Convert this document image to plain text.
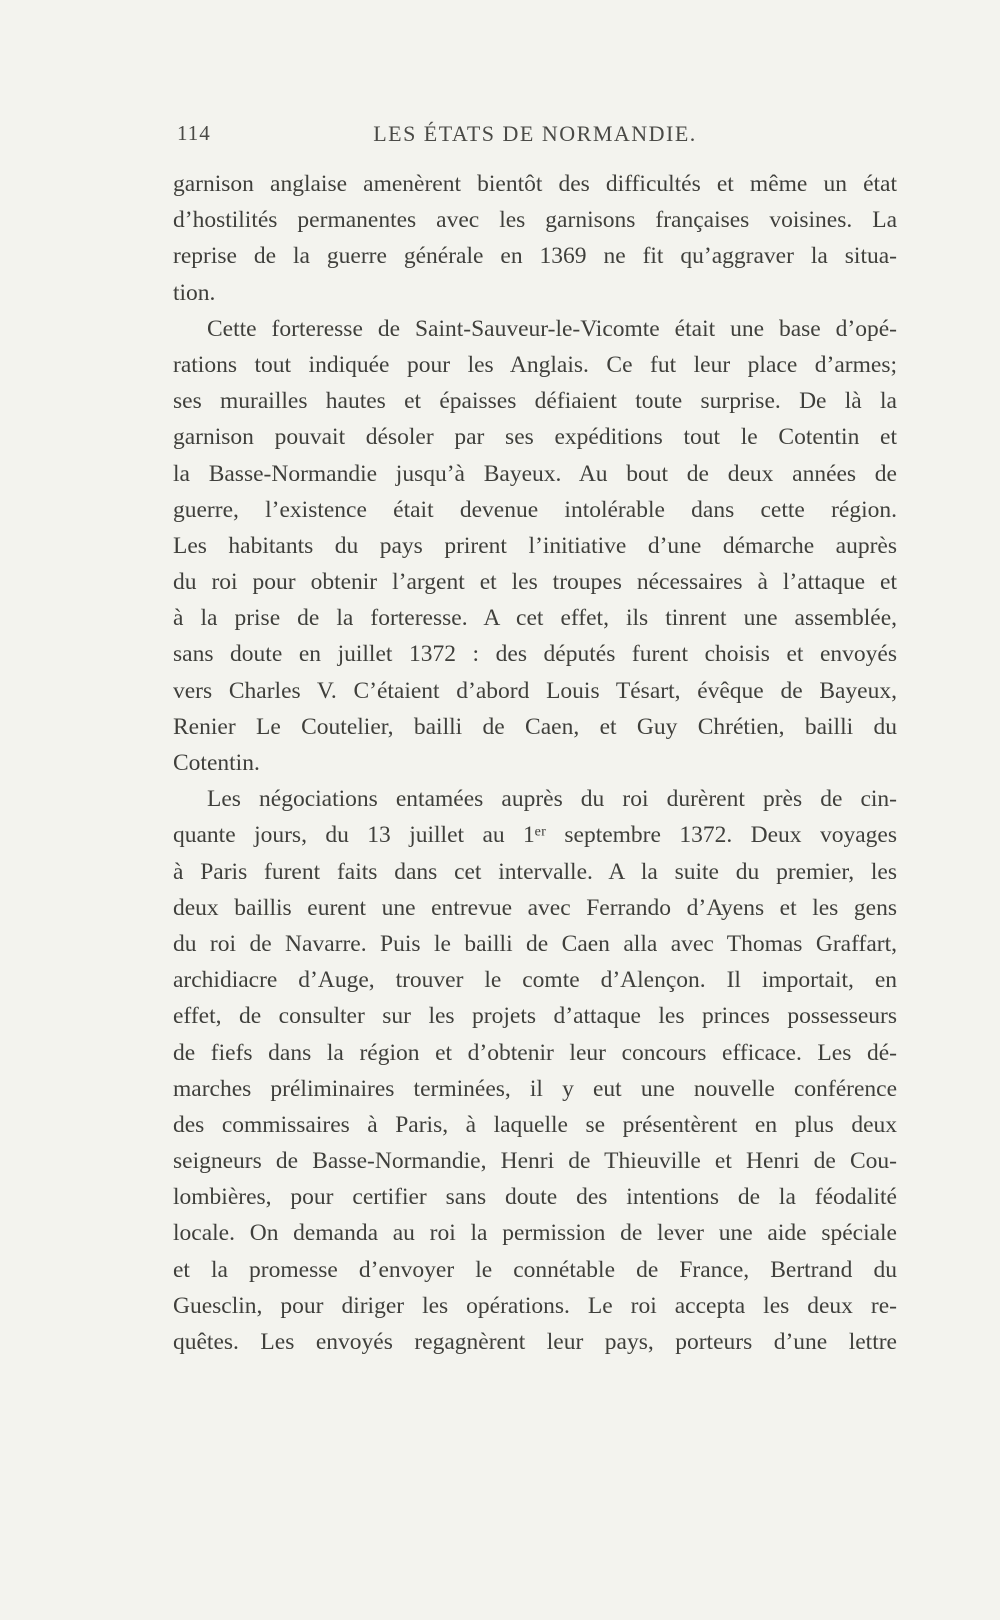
114	LES ÉTATS DE NORMANDIE.
garnison anglaise amenèrent bientôt des difficultés et même un état
d’hostilités permanentes avec les garnisons françaises voisines. La
reprise de la guerre générale en 1369 ne fit qu’aggraver la situa-
tion.
Cette forteresse de Saint-Sauveur-le-Vicomte était une base d’opé-
rations tout indiquée pour les Anglais. Ce fut leur place d’armes;
ses murailles hautes et épaisses défiaient toute surprise. De là la
garnison pouvait désoler par ses expéditions tout le Cotentin et
la Basse-Normandie jusqu’à Bayeux. Au bout de deux années de
guerre, l’existence était devenue intolérable dans cette région.
Les habitants du pays prirent l’initiative d’une démarche auprès
du roi pour obtenir l’argent et les troupes nécessaires à l’attaque et
à la prise de la forteresse. A cet effet, ils tinrent une assemblée,
sans doute en juillet 1372 : des députés furent choisis et envoyés
vers Charles V. C’étaient d’abord Louis Tésart, évêque de Bayeux,
Renier Le Coutelier, bailli de Caen, et Guy Chrétien, bailli du
Cotentin.
Les négociations entamées auprès du roi durèrent près de cin-
quante jours, du 13 juillet au 1ᵉʳ septembre 1372. Deux voyages
à Paris furent faits dans cet intervalle. A la suite du premier, les
deux baillis eurent une entrevue avec Ferrando d’Ayens et les gens
du roi de Navarre. Puis le bailli de Caen alla avec Thomas Graffart,
archidiacre d’Auge, trouver le comte d’Alençon. Il importait, en
effet, de consulter sur les projets d’attaque les princes possesseurs
de fiefs dans la région et d’obtenir leur concours efficace. Les dé-
marches préliminaires terminées, il y eut une nouvelle conférence
des commissaires à Paris, à laquelle se présentèrent en plus deux
seigneurs de Basse-Normandie, Henri de Thieuville et Henri de Cou-
lombières, pour certifier sans doute des intentions de la féodalité
locale. On demanda au roi la permission de lever une aide spéciale
et la promesse d’envoyer le connétable de France, Bertrand du
Guesclin, pour diriger les opérations. Le roi accepta les deux re-
quêtes. Les envoyés regagnèrent leur pays, porteurs d’une lettre
